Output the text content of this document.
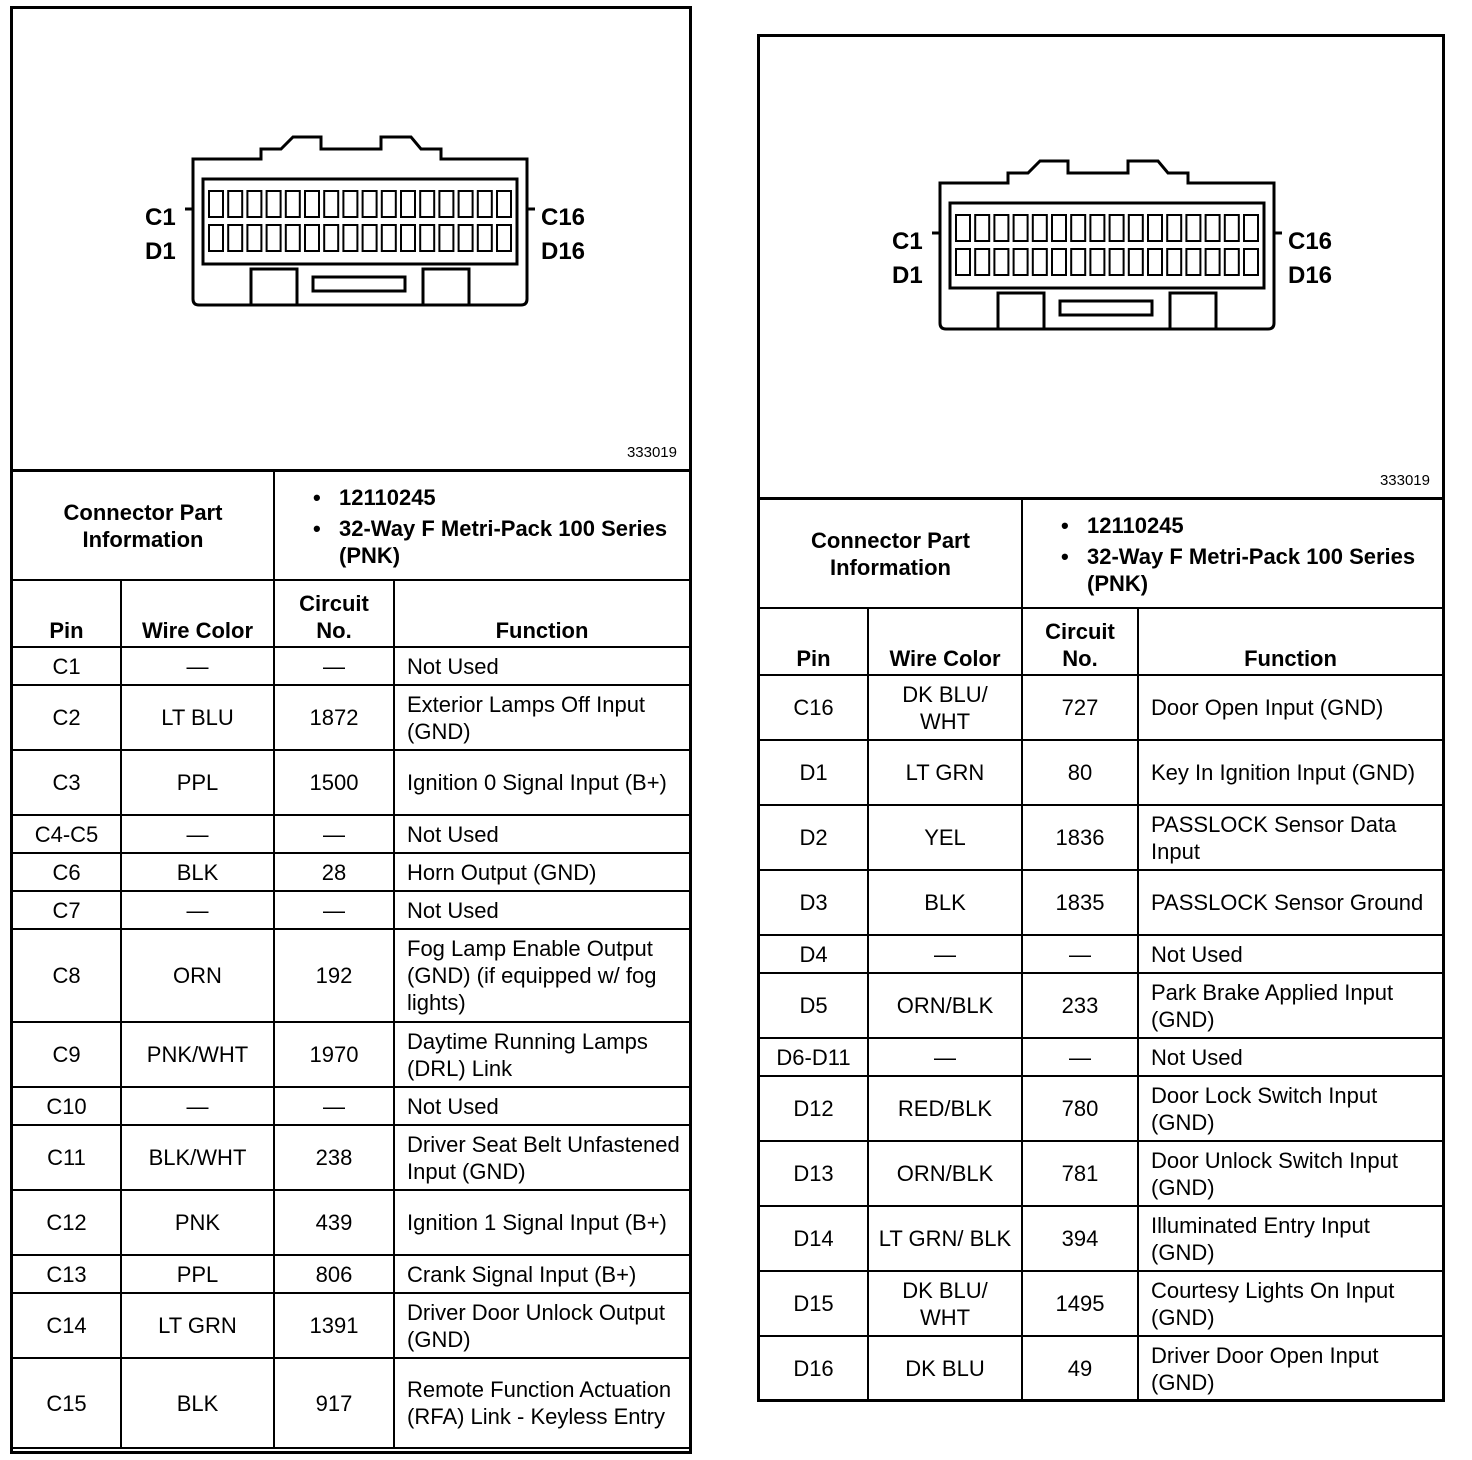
C1
D1
C16
D16
333019
Connector Part Information	
• 12110245
• 32-Way F Metri-Pack 100 Series (PNK)
Pin	Wire Color	Circuit No.	Function
C1	—	—	Not Used
C2	LT BLU	1872	Exterior Lamps Off Input (GND)
C3	PPL	1500	Ignition 0 Signal Input (B+)
C4-C5	—	—	Not Used
C6	BLK	28	Horn Output (GND)
C7	—	—	Not Used
C8	ORN	192	Fog Lamp Enable Output (GND) (if equipped w/ fog lights)
C9	PNK/WHT	1970	Daytime Running Lamps (DRL) Link
C10	—	—	Not Used
C11	BLK/WHT	238	Driver Seat Belt Unfastened Input (GND)
C12	PNK	439	Ignition 1 Signal Input (B+)
C13	PPL	806	Crank Signal Input (B+)
C14	LT GRN	1391	Driver Door Unlock Output (GND)
C15	BLK	917	Remote Function Actuation (RFA) Link - Keyless Entry
C1
D1
C16
D16
333019
Connector Part Information	
• 12110245
• 32-Way F Metri-Pack 100 Series (PNK)
Pin	Wire Color	Circuit No.	Function
C16	DK BLU/ WHT	727	Door Open Input (GND)
D1	LT GRN	80	Key In Ignition Input (GND)
D2	YEL	1836	PASSLOCK Sensor Data Input
D3	BLK	1835	PASSLOCK Sensor Ground
D4	—	—	Not Used
D5	ORN/BLK	233	Park Brake Applied Input (GND)
D6-D11	—	—	Not Used
D12	RED/BLK	780	Door Lock Switch Input (GND)
D13	ORN/BLK	781	Door Unlock Switch Input (GND)
D14	LT GRN/ BLK	394	Illuminated Entry Input (GND)
D15	DK BLU/ WHT	1495	Courtesy Lights On Input (GND)
D16	DK BLU	49	Driver Door Open Input (GND)
